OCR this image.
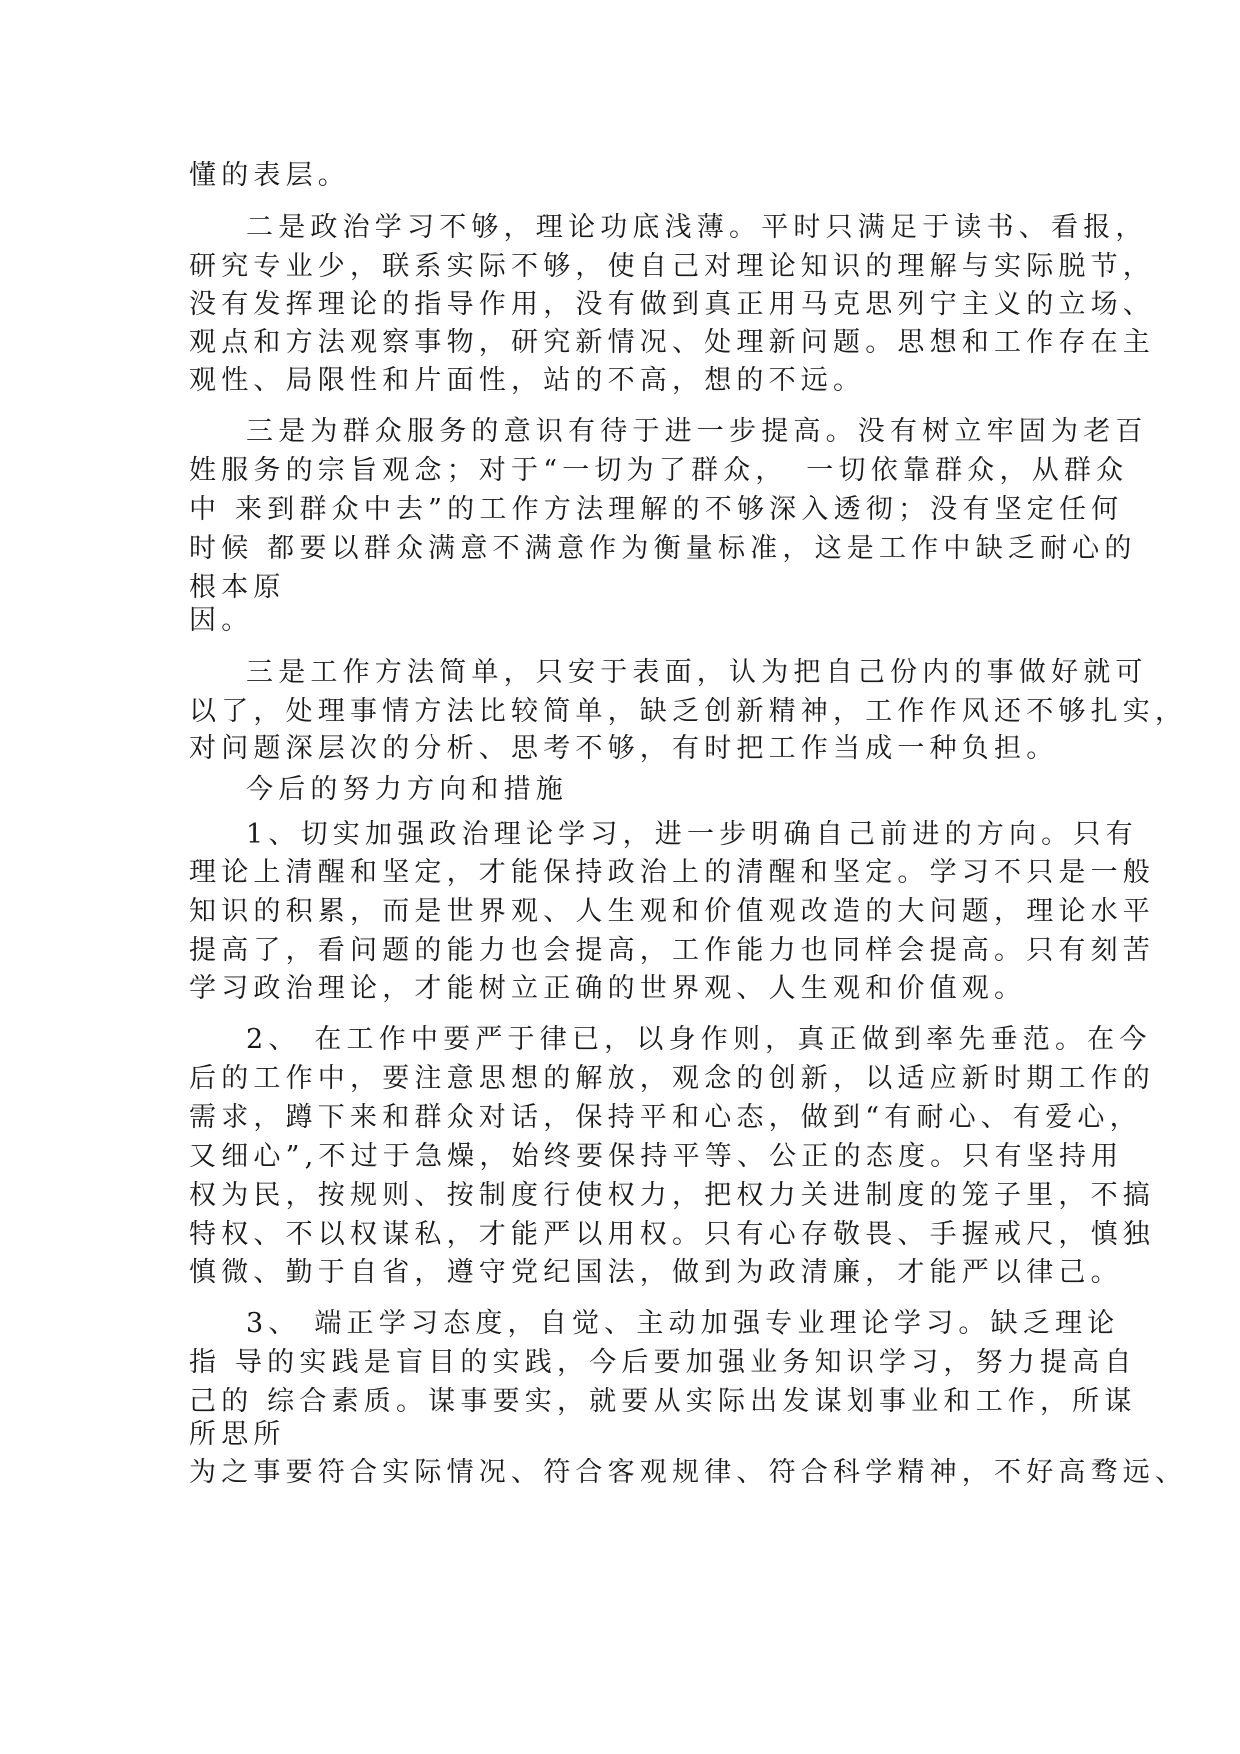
懂的表层。

二是政治学习不够，理论功底浅薄。平时只满足于读书、看报，

研究专业少，联系实际不够，使自己对理论知识的理解与实际脱节，

没有发挥理论的指导作用，没有做到真正用马克思列宁主义的立场、

观点和方法观察事物，研究新情况、处理新问题。思想和工作存在主

观性、局限性和片面性，站的不高，想的不远。

三是为群众服务的意识有待于进一步提高。没有树立牢固为老百

姓服务的宗旨观念；对于“一切为了群众，　一切依靠群众，从群众

中 来到群众中去”的工作方法理解的不够深入透彻；没有坚定任何

时候 都要以群众满意不满意作为衡量标准，这是工作中缺乏耐心的

根本原

因。

三是工作方法简单，只安于表面，认为把自己份内的事做好就可

以了，处理事情方法比较简单，缺乏创新精神，工作作风还不够扎实，

对问题深层次的分析、思考不够，有时把工作当成一种负担。

今后的努力方向和措施

1、切实加强政治理论学习，进一步明确自己前进的方向。只有

理论上清醒和坚定，才能保持政治上的清醒和坚定。学习不只是一般

知识的积累，而是世界观、人生观和价值观改造的大问题，理论水平

提高了，看问题的能力也会提高，工作能力也同样会提高。只有刻苦

学习政治理论，才能树立正确的世界观、人生观和价值观。

2、 在工作中要严于律已，以身作则，真正做到率先垂范。在今

后的工作中，要注意思想的解放，观念的创新，以适应新时期工作的

需求，蹲下来和群众对话，保持平和心态，做到“有耐心、有爱心，

又细心”,不过于急燥，始终要保持平等、公正的态度。只有坚持用

权为民，按规则、按制度行使权力，把权力关进制度的笼子里，不搞

特权、不以权谋私，才能严以用权。只有心存敬畏、手握戒尺，慎独

慎微、勤于自省，遵守党纪国法，做到为政清廉，才能严以律己。

3、 端正学习态度，自觉、主动加强专业理论学习。缺乏理论

指 导的实践是盲目的实践，今后要加强业务知识学习，努力提高自

己的 综合素质。谋事要实，就要从实际出发谋划事业和工作，所谋

所思所

为之事要符合实际情况、符合客观规律、符合科学精神，不好高骛远、
